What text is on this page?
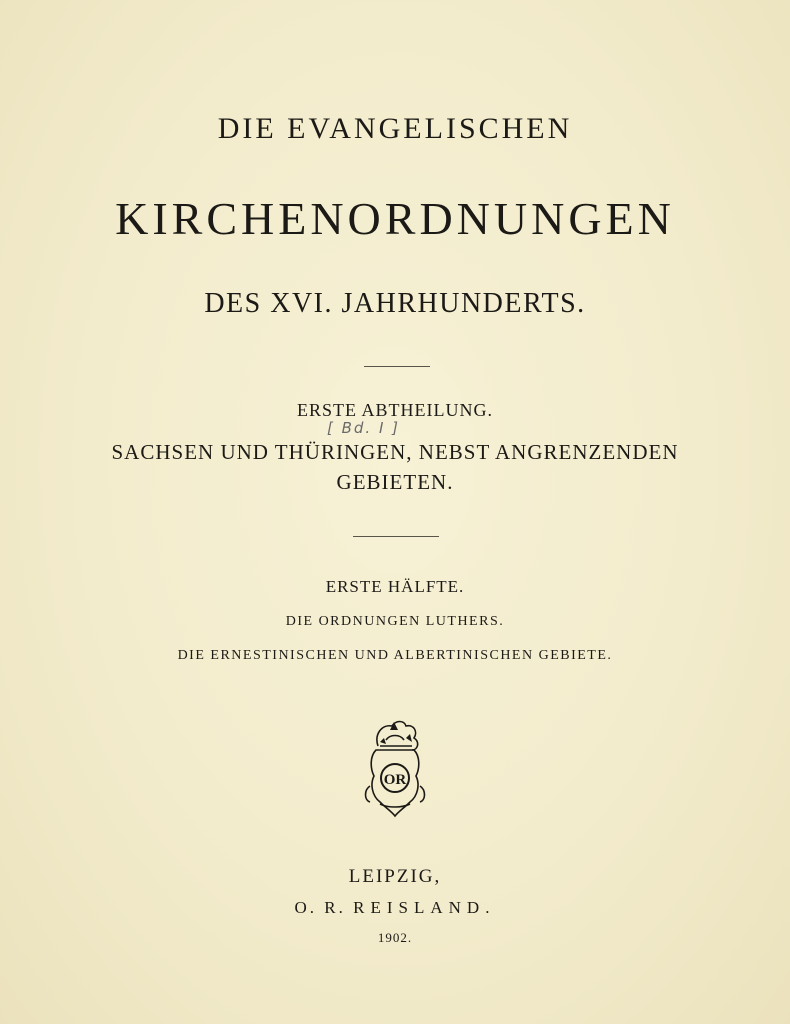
DIE EVANGELISCHEN
KIRCHENORDNUNGEN
DES XVI. JAHRHUNDERTS.
ERSTE ABTHEILUNG.
[ Bd. I ]
SACHSEN UND THÜRINGEN, NEBST ANGRENZENDEN
GEBIETEN.
ERSTE HÄLFTE.
DIE ORDNUNGEN LUTHERS.
DIE ERNESTINISCHEN UND ALBERTINISCHEN GEBIETE.
OR
LEIPZIG,
O. R. REISLAND.
1902.
